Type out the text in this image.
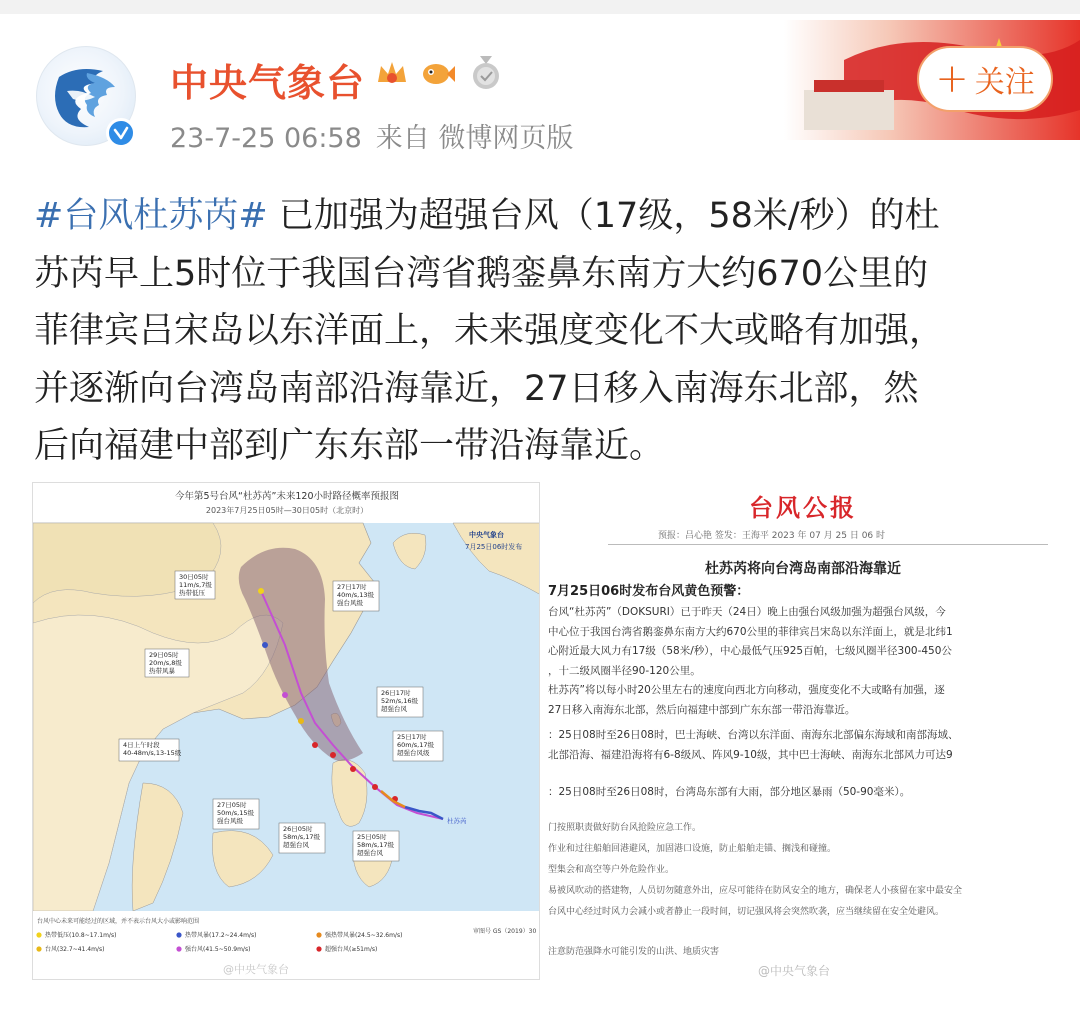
中央气象台
23-7-25 06:58 来自 微博网页版
+ 关注
#台风杜苏芮# 已加强为超强台风（17级，58米/秒）的杜
苏芮早上5时位于我国台湾省鹅銮鼻东南方大约670公里的
菲律宾吕宋岛以东洋面上，未来强度变化不大或略有加强，
并逐渐向台湾岛南部沿海靠近，27日移入南海东北部，然
后向福建中部到广东东部一带沿海靠近。
今年第5号台风“杜苏芮”未来120小时路径概率预报图
2023年7月25日05时—30日05时（北京时）
30日05时
11m/s,7级
热带低压
29日05时
20m/s,8级
热带风暴
27日17时
40m/s,13级
强台风级
26日17时
52m/s,16级
超强台风
25日17时
60m/s,17级
超强台风级
4日上午时段
40-48m/s,13-15级
27日05时
50m/s,15级
强台风级
26日05时
58m/s,17级
超强台风
25日05时
58m/s,17级
超强台风
杜苏芮
中央气象台
7月25日06时发布
台风中心未来可能经过的区域，并不表示台风大小或影响范围
热带低压(10.8~17.1m/s)	热带风暴(17.2~24.4m/s)	强热带风暴(24.5~32.6m/s)
台风(32.7~41.4m/s)	强台风(41.5~50.9m/s)	超强台风(≥51m/s)
审图号 GS（2019）30
@中央气象台
台风公报
预报：吕心艳 签发：王海平 2023 年 07 月 25 日 06 时
杜苏芮将向台湾岛南部沿海靠近
7月25日06时发布台风黄色预警：
台风“杜苏芮”（DOKSURI）已于昨天（24日）晚上由强台风级加强为超强台风级，今
中心位于我国台湾省鹅銮鼻东南方大约670公里的菲律宾吕宋岛以东洋面上，就是北纬1
心附近最大风力有17级（58米/秒），中心最低气压925百帕，七级风圈半径300-450公
，十二级风圈半径90-120公里。
杜苏芮”将以每小时20公里左右的速度向西北方向移动，强度变化不大或略有加强，逐
27日移入南海东北部，然后向福建中部到广东东部一带沿海靠近。
：25日08时至26日08时，巴士海峡、台湾以东洋面、南海东北部偏东海域和南部海域、
北部沿海、福建沿海将有6-8级风、阵风9-10级，其中巴士海峡、南海东北部风力可达9
：25日08时至26日08时，台湾岛东部有大雨，部分地区暴雨（50-90毫米）。
门按照职责做好防台风抢险应急工作。
作业和过往船舶回港避风，加固港口设施，防止船舶走锚、搁浅和碰撞。
型集会和高空等户外危险作业。
易被风吹动的搭建物，人员切勿随意外出，应尽可能待在防风安全的地方，确保老人小孩留在家中最安全
台风中心经过时风力会减小或者静止一段时间，切记强风将会突然吹袭，应当继续留在安全处避风。
注意防范强降水可能引发的山洪、地质灾害
@中央气象台
